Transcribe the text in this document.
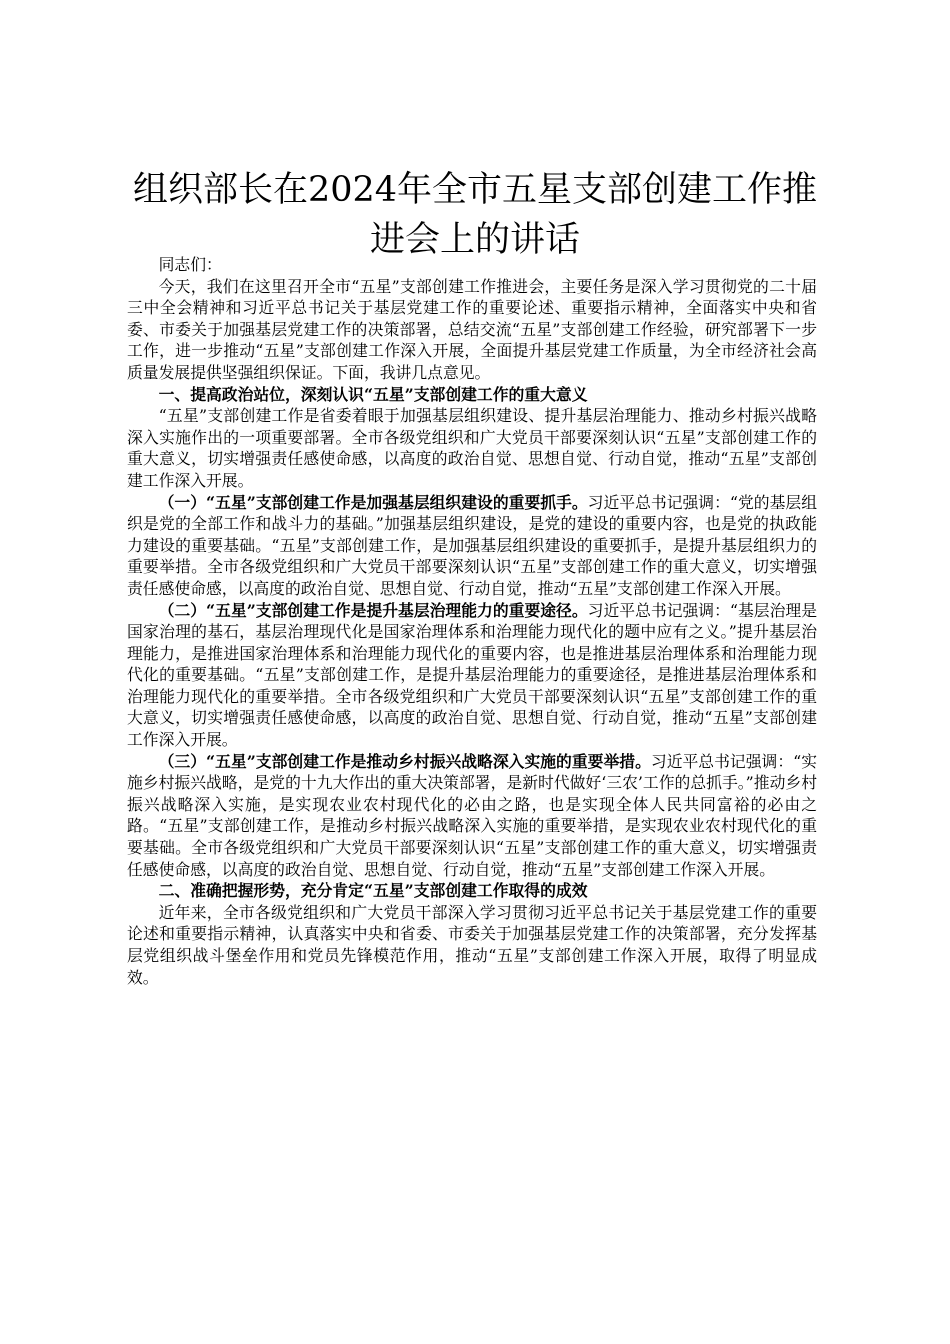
组织部长在2024年全市五星支部创建工作推进会上的讲话

同志们：

今天，我们在这里召开全市“五星”支部创建工作推进会，主要任务是深入学习贯彻党的二十届三中全会精神和习近平总书记关于基层党建工作的重要论述、重要指示精神，全面落实中央和省委、市委关于加强基层党建工作的决策部署，总结交流“五星”支部创建工作经验，研究部署下一步工作，进一步推动“五星”支部创建工作深入开展，全面提升基层党建工作质量，为全市经济社会高质量发展提供坚强组织保证。下面，我讲几点意见。

一、提高政治站位，深刻认识“五星”支部创建工作的重大意义

“五星”支部创建工作是省委着眼于加强基层组织建设、提升基层治理能力、推动乡村振兴战略深入实施作出的一项重要部署。全市各级党组织和广大党员干部要深刻认识“五星”支部创建工作的重大意义，切实增强责任感使命感，以高度的政治自觉、思想自觉、行动自觉，推动“五星”支部创建工作深入开展。

（一）“五星”支部创建工作是加强基层组织建设的重要抓手。习近平总书记强调：“党的基层组织是党的全部工作和战斗力的基础。”加强基层组织建设，是党的建设的重要内容，也是党的执政能力建设的重要基础。“五星”支部创建工作，是加强基层组织建设的重要抓手，是提升基层组织力的重要举措。全市各级党组织和广大党员干部要深刻认识“五星”支部创建工作的重大意义，切实增强责任感使命感，以高度的政治自觉、思想自觉、行动自觉，推动“五星”支部创建工作深入开展。

（二）“五星”支部创建工作是提升基层治理能力的重要途径。习近平总书记强调：“基层治理是国家治理的基石，基层治理现代化是国家治理体系和治理能力现代化的题中应有之义。”提升基层治理能力，是推进国家治理体系和治理能力现代化的重要内容，也是推进基层治理体系和治理能力现代化的重要基础。“五星”支部创建工作，是提升基层治理能力的重要途径，是推进基层治理体系和治理能力现代化的重要举措。全市各级党组织和广大党员干部要深刻认识“五星”支部创建工作的重大意义，切实增强责任感使命感，以高度的政治自觉、思想自觉、行动自觉，推动“五星”支部创建工作深入开展。

（三）“五星”支部创建工作是推动乡村振兴战略深入实施的重要举措。习近平总书记强调：“实施乡村振兴战略，是党的十九大作出的重大决策部署，是新时代做好‘三农’工作的总抓手。”推动乡村振兴战略深入实施，是实现农业农村现代化的必由之路，也是实现全体人民共同富裕的必由之路。“五星”支部创建工作，是推动乡村振兴战略深入实施的重要举措，是实现农业农村现代化的重要基础。全市各级党组织和广大党员干部要深刻认识“五星”支部创建工作的重大意义，切实增强责任感使命感，以高度的政治自觉、思想自觉、行动自觉，推动“五星”支部创建工作深入开展。

二、准确把握形势，充分肯定“五星”支部创建工作取得的成效

近年来，全市各级党组织和广大党员干部深入学习贯彻习近平总书记关于基层党建工作的重要论述和重要指示精神，认真落实中央和省委、市委关于加强基层党建工作的决策部署，充分发挥基层党组织战斗堡垒作用和党员先锋模范作用，推动“五星”支部创建工作深入开展，取得了明显成效。
